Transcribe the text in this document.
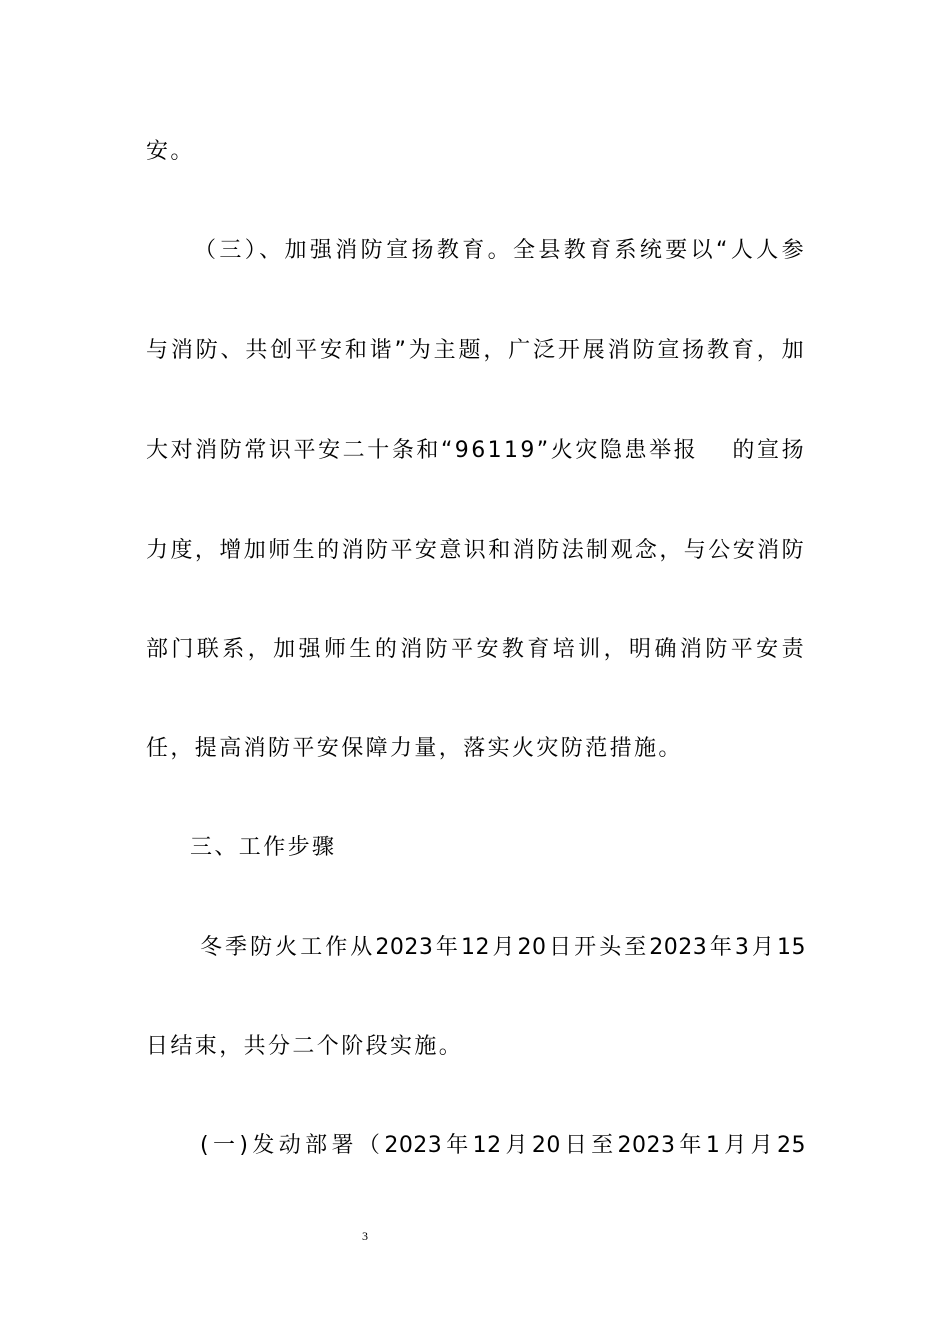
安。
（三）、加强消防宣扬教育。全县教育系统要以“人人参
与消防、共创平安和谐”为主题，广泛开展消防宣扬教育，加
大对消防常识平安二十条和“96119”火灾隐患举报　 的宣扬
力度，增加师生的消防平安意识和消防法制观念，与公安消防
部门联系，加强师生的消防平安教育培训，明确消防平安责
任，提高消防平安保障力量，落实火灾防范措施。
三、工作步骤
冬季防火工作从2023年12月20日开头至2023年3月15
日结束，共分二个阶段实施。
(一)发动部署（2023年12月20日至2023年1月月25
3
